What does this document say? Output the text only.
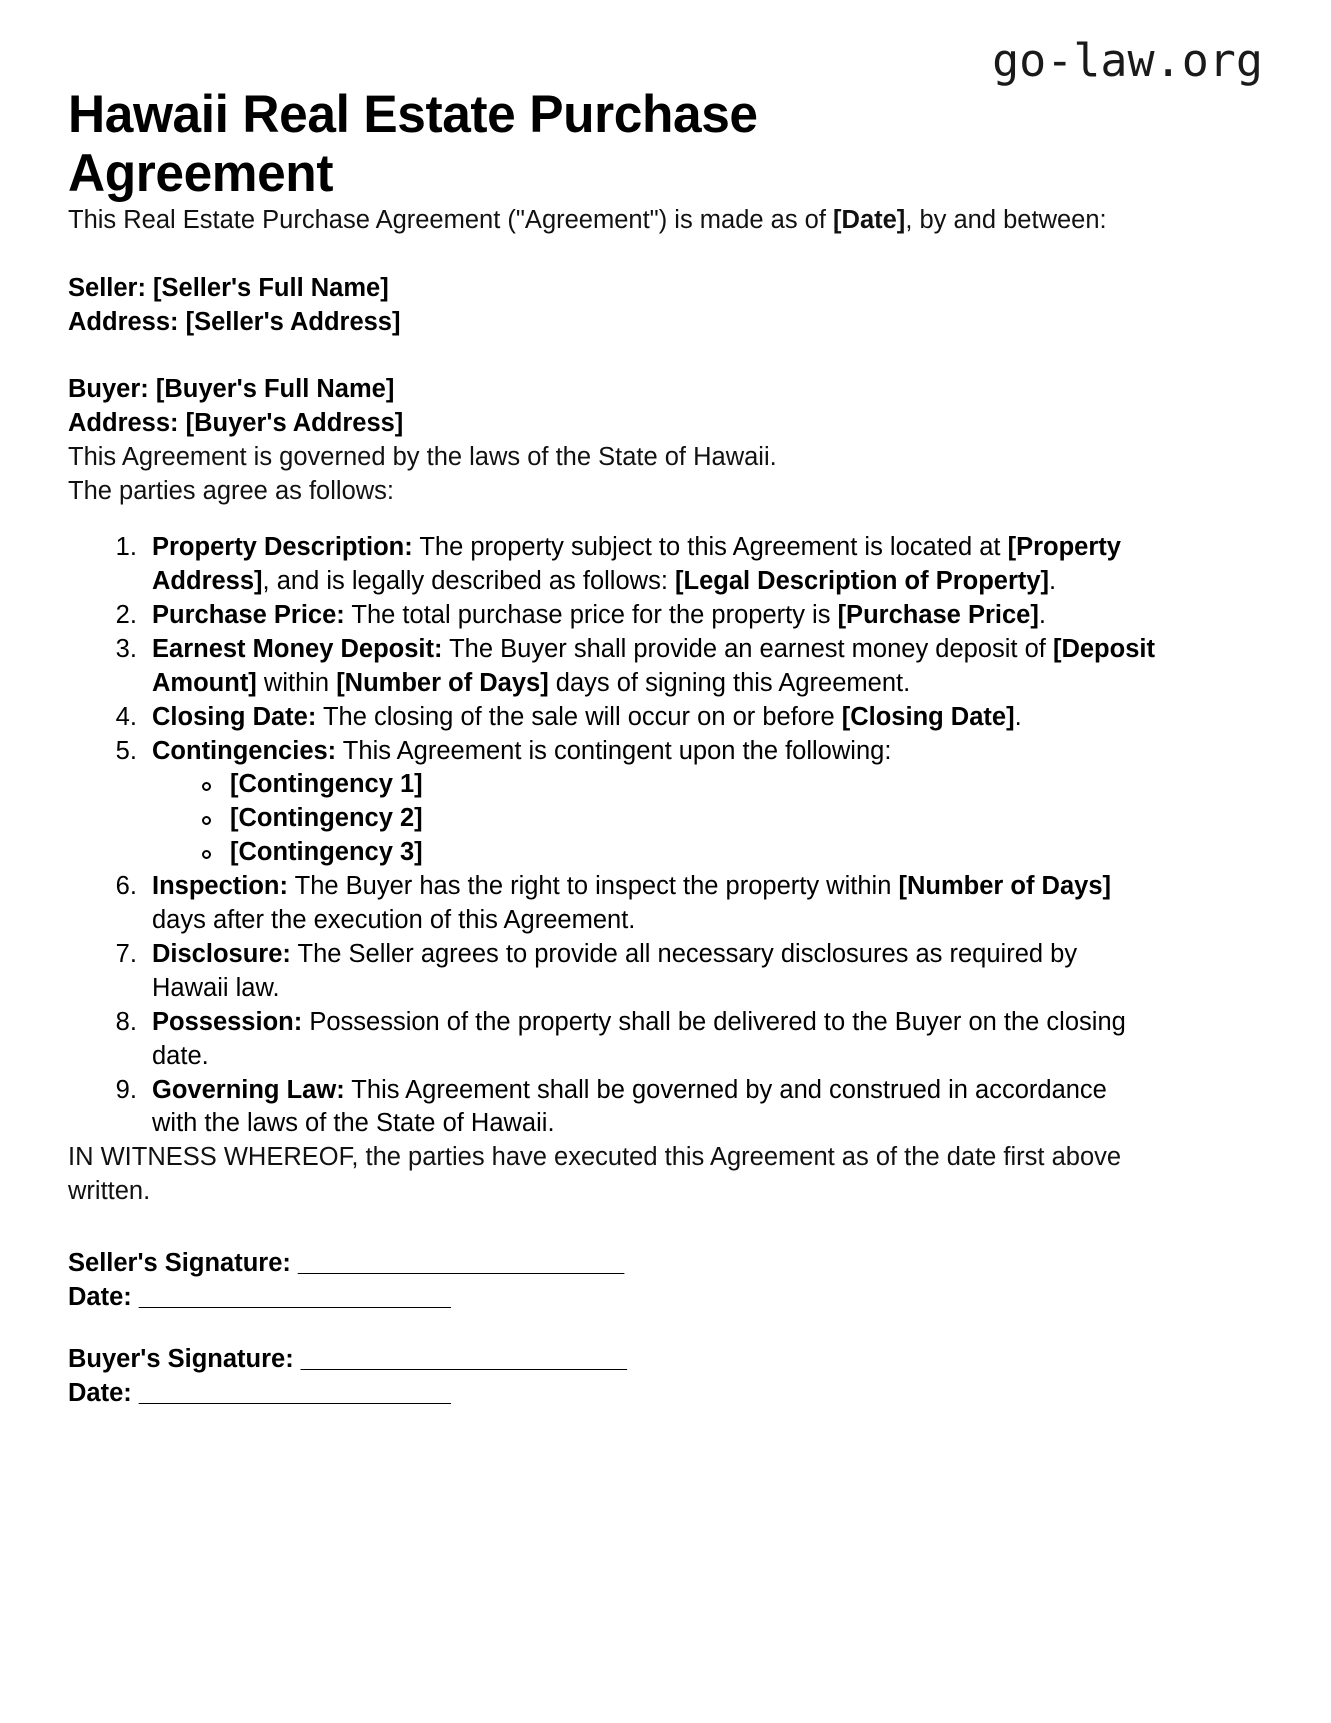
go-law.org
Hawaii Real Estate Purchase Agreement

This Real Estate Purchase Agreement ("Agreement") is made as of [Date], by and between:

Seller: [Seller's Full Name]
Address: [Seller's Address]
Buyer: [Buyer's Full Name]
Address: [Buyer's Address]

This Agreement is governed by the laws of the State of Hawaii.

The parties agree as follows:

1. Property Description: The property subject to this Agreement is located at [Property Address], and is legally described as follows: [Legal Description of Property].
2. Purchase Price: The total purchase price for the property is [Purchase Price].
3. Earnest Money Deposit: The Buyer shall provide an earnest money deposit of [Deposit Amount] within [Number of Days] days of signing this Agreement.
4. Closing Date: The closing of the sale will occur on or before [Closing Date].
5. Contingencies: This Agreement is contingent upon the following:
[Contingency 1]
[Contingency 2]
[Contingency 3]
6. Inspection: The Buyer has the right to inspect the property within [Number of Days] days after the execution of this Agreement.
7. Disclosure: The Seller agrees to provide all necessary disclosures as required by Hawaii law.
8. Possession: Possession of the property shall be delivered to the Buyer on the closing date.
9. Governing Law: This Agreement shall be governed by and construed in accordance with the laws of the State of Hawaii.

IN WITNESS WHEREOF, the parties have executed this Agreement as of the date first above written.

Seller's Signature: _______________________
Date: ______________________
Buyer's Signature: _______________________
Date: ______________________
